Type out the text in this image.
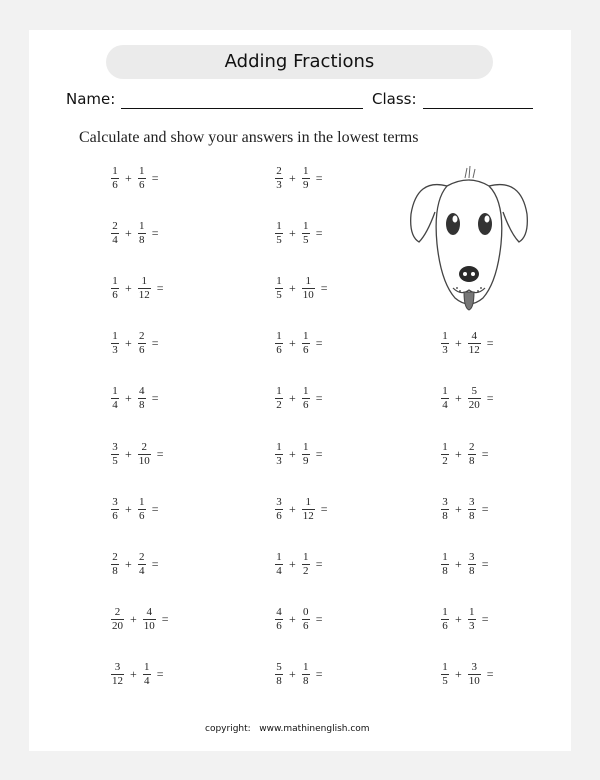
Adding Fractions
Name:	Class:
Calculate and show your answers in the lowest terms
$\frac{1}{6} + \frac{1}{6}$ =	$\frac{2}{3} + \frac{1}{9}$ =
$\frac{2}{4} + \frac{1}{8}$ =	$\frac{1}{5} + \frac{1}{5}$ =
$\frac{1}{6} + \frac{1}{12}$ =	$\frac{1}{5} + \frac{1}{10}$ =
$\frac{1}{3} + \frac{2}{6}$ =	$\frac{1}{6} + \frac{1}{6}$ =	$\frac{1}{3} + \frac{4}{12}$ =
$\frac{1}{4} + \frac{4}{8}$ =	$\frac{1}{2} + \frac{1}{6}$ =	$\frac{1}{4} + \frac{5}{20}$ =
$\frac{3}{5} + \frac{2}{10}$ =	$\frac{1}{3} + \frac{1}{9}$ =	$\frac{1}{2} + \frac{2}{8}$ =
$\frac{3}{6} + \frac{1}{6}$ =	$\frac{3}{6} + \frac{1}{12}$ =	$\frac{3}{8} + \frac{3}{8}$ =
$\frac{2}{8} + \frac{2}{4}$ =	$\frac{1}{4} + \frac{1}{2}$ =	$\frac{1}{8} + \frac{3}{8}$ =
$\frac{2}{20} + \frac{4}{10}$ =	$\frac{4}{6} + \frac{0}{6}$ =	$\frac{1}{6} + \frac{1}{3}$ =
$\frac{3}{12} + \frac{1}{4}$ =	$\frac{5}{8} + \frac{1}{8}$ =	$\frac{1}{5} + \frac{3}{10}$ =
copyright: www.mathinenglish.com
